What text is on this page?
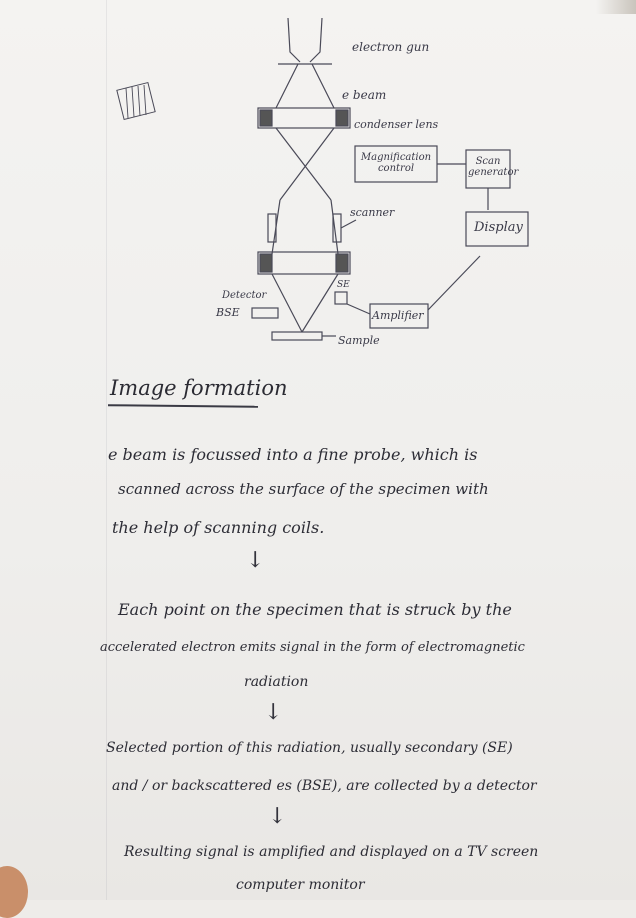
electron gun
e beam
condenser lens
Magnification control
Scan generator
Display
scanner
SE
Detector
BSE	Amplifier
Sample
Image formation
e beam is focussed into a fine probe, which is
scanned across the surface of the specimen with
the help of scanning coils.
↓
Each point on the specimen that is struck by the
accelerated electron emits signal in the form of electromagnetic
radiation
↓
Selected portion of this radiation, usually secondary (SE)
and / or backscattered es (BSE), are collected by a detector
↓
Resulting signal is amplified and displayed on a TV screen
computer monitor
